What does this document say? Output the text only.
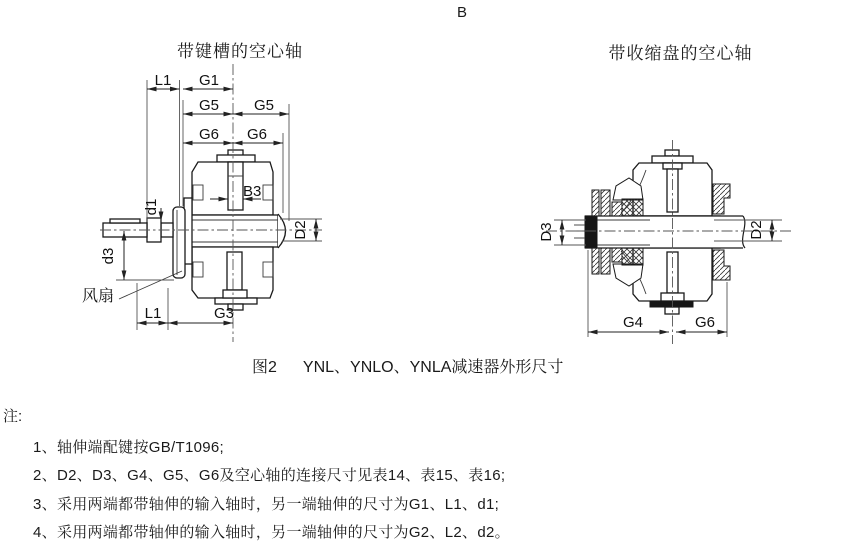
B
带键槽的空心轴	带收缩盘的空心轴
L1 G1
G5 G5
G6 G6
B3
d1
d3
D2
L1	G3
风扇
D3	D2
G4	G6
图2 YNL、YNLO、YNLA减速器外形尺寸
注:
1、轴伸端配键按GB/T1096;
2、D2、D3、G4、G5、G6及空心轴的连接尺寸见表14、表15、表16;
3、采用两端都带轴伸的输入轴时，另一端轴伸的尺寸为G1、L1、d1;
4、采用两端都带轴伸的输入轴时，另一端轴伸的尺寸为G2、L2、d2。
